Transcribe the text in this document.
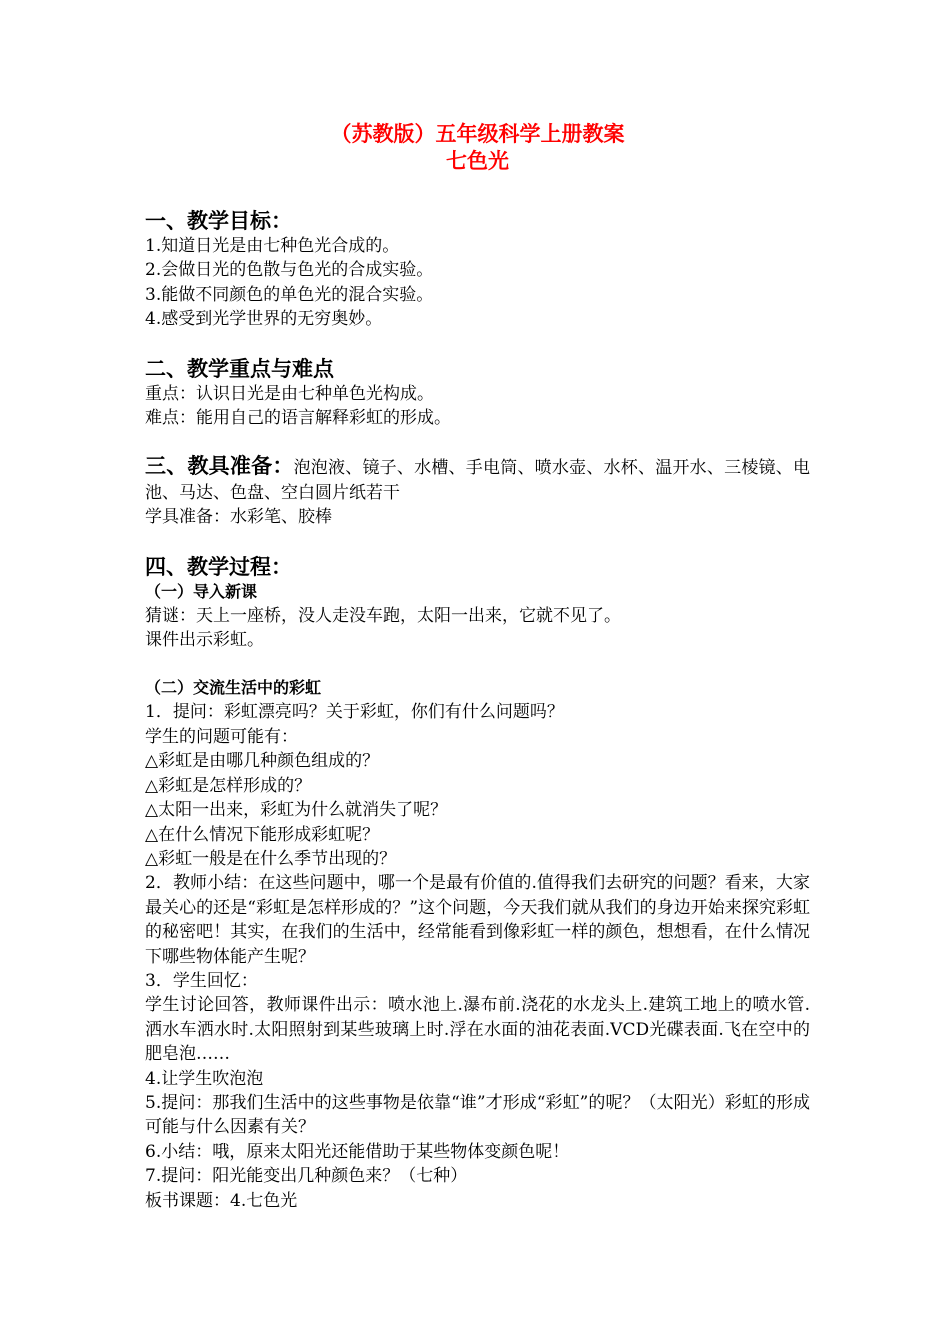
（苏教版）五年级科学上册教案
七色光
一、教学目标：
1.知道日光是由七种色光合成的。
2.会做日光的色散与色光的合成实验。
3.能做不同颜色的单色光的混合实验。
4.感受到光学世界的无穷奥妙。
二、教学重点与难点
重点：认识日光是由七种单色光构成。
难点：能用自己的语言解释彩虹的形成。
三、教具准备：泡泡液、镜子、水槽、手电筒、喷水壶、水杯、温开水、三棱镜、电池、马达、色盘、空白圆片纸若干
学具准备：水彩笔、胶棒
四、教学过程：
（一）导入新课
猜谜：天上一座桥，没人走没车跑，太阳一出来，它就不见了。
课件出示彩虹。
（二）交流生活中的彩虹
1．提问：彩虹漂亮吗？关于彩虹，你们有什么问题吗？
学生的问题可能有：
△彩虹是由哪几种颜色组成的？
△彩虹是怎样形成的？
△太阳一出来，彩虹为什么就消失了呢？
△在什么情况下能形成彩虹呢？
△彩虹一般是在什么季节出现的？
2．教师小结：在这些问题中，哪一个是最有价值的.值得我们去研究的问题？看来，大家最关心的还是“彩虹是怎样形成的？”这个问题，今天我们就从我们的身边开始来探究彩虹的秘密吧！其实，在我们的生活中，经常能看到像彩虹一样的颜色，想想看，在什么情况下哪些物体能产生呢？
3．学生回忆：
学生讨论回答，教师课件出示：喷水池上.瀑布前.浇花的水龙头上.建筑工地上的喷水管.洒水车洒水时.太阳照射到某些玻璃上时.浮在水面的油花表面.VCD光碟表面.飞在空中的肥皂泡……
4.让学生吹泡泡
5.提问：那我们生活中的这些事物是依靠“谁”才形成“彩虹”的呢？（太阳光）彩虹的形成可能与什么因素有关？
6.小结：哦，原来太阳光还能借助于某些物体变颜色呢！
7.提问：阳光能变出几种颜色来？（七种）
板书课题：4.七色光
